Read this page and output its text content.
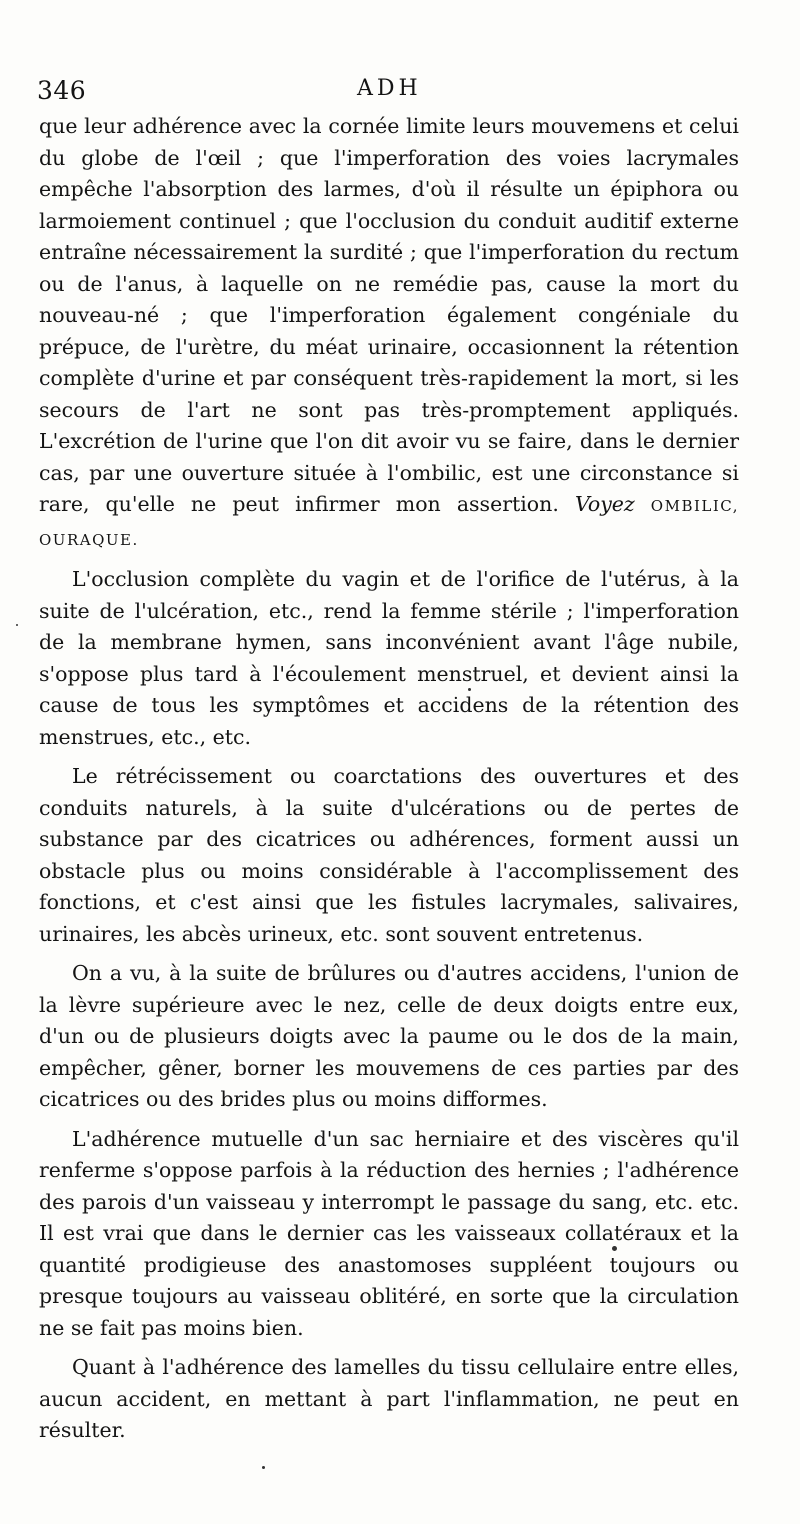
346	ADH

que leur adhérence avec la cornée limite leurs mouvemens et celui du globe de l'œil ; que l'imperforation des voies lacrymales empêche l'absorption des larmes, d'où il résulte un épiphora ou larmoiement continuel ; que l'occlusion du conduit auditif externe entraîne nécessairement la surdité ; que l'imperforation du rectum ou de l'anus, à laquelle on ne remédie pas, cause la mort du nouveau-né ; que l'imperforation également congéniale du prépuce, de l'urètre, du méat urinaire, occasionnent la rétention complète d'urine et par conséquent très-rapidement la mort, si les secours de l'art ne sont pas très-promptement appliqués. L'excrétion de l'urine que l'on dit avoir vu se faire, dans le dernier cas, par une ouverture située à l'ombilic, est une circonstance si rare, qu'elle ne peut infirmer mon assertion. Voyez OMBILIC, OURAQUE.

L'occlusion complète du vagin et de l'orifice de l'utérus, à la suite de l'ulcération, etc., rend la femme stérile ; l'imperforation de la membrane hymen, sans inconvénient avant l'âge nubile, s'oppose plus tard à l'écoulement menstruel, et devient ainsi la cause de tous les symptômes et accidens de la rétention des menstrues, etc., etc.

Le rétrécissement ou coarctations des ouvertures et des conduits naturels, à la suite d'ulcérations ou de pertes de substance par des cicatrices ou adhérences, forment aussi un obstacle plus ou moins considérable à l'accomplissement des fonctions, et c'est ainsi que les fistules lacrymales, salivaires, urinaires, les abcès urineux, etc. sont souvent entretenus.

On a vu, à la suite de brûlures ou d'autres accidens, l'union de la lèvre supérieure avec le nez, celle de deux doigts entre eux, d'un ou de plusieurs doigts avec la paume ou le dos de la main, empêcher, gêner, borner les mouvemens de ces parties par des cicatrices ou des brides plus ou moins difformes.

L'adhérence mutuelle d'un sac herniaire et des viscères qu'il renferme s'oppose parfois à la réduction des hernies ; l'adhérence des parois d'un vaisseau y interrompt le passage du sang, etc. etc. Il est vrai que dans le dernier cas les vaisseaux collatéraux et la quantité prodigieuse des anastomoses suppléent toujours ou presque toujours au vaisseau oblitéré, en sorte que la circulation ne se fait pas moins bien.

Quant à l'adhérence des lamelles du tissu cellulaire entre elles, aucun accident, en mettant à part l'inflammation, ne peut en résulter.
